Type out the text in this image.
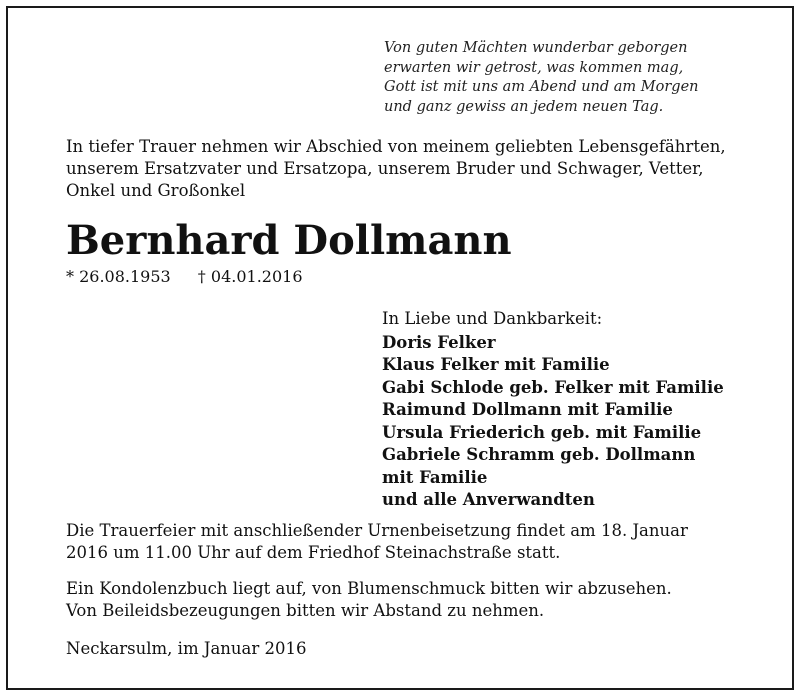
Von guten Mächten wunderbar geborgen
erwarten wir getrost, was kommen mag,
Gott ist mit uns am Abend und am Morgen
und ganz gewiss an jedem neuen Tag.
In tiefer Trauer nehmen wir Abschied von meinem geliebten Lebensgefährten,
unserem Ersatzvater und Ersatzopa, unserem Bruder und Schwager, Vetter,
Onkel und Großonkel
Bernhard Dollmann
* 26.08.1953 † 04.01.2016
In Liebe und Dankbarkeit:
Doris Felker
Klaus Felker mit Familie
Gabi Schlode geb. Felker mit Familie
Raimund Dollmann mit Familie
Ursula Friederich geb. mit Familie
Gabriele Schramm geb. Dollmann
mit Familie
und alle Anverwandten
Die Trauerfeier mit anschließender Urnenbeisetzung findet am 18. Januar
2016 um 11.00 Uhr auf dem Friedhof Steinachstraße statt.
Ein Kondolenzbuch liegt auf, von Blumenschmuck bitten wir abzusehen.
Von Beileidsbezeugungen bitten wir Abstand zu nehmen.
Neckarsulm, im Januar 2016
